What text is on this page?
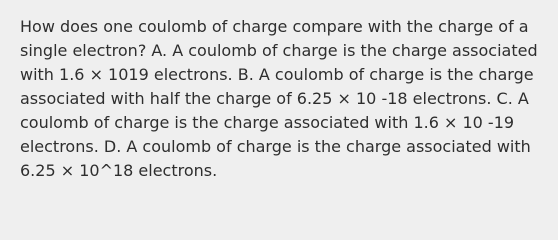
How does one coulomb of charge compare with the charge of a single electron? A. A coulomb of charge is the charge associated with 1.6 × 1019 electrons. B. A coulomb of charge is the charge associated with half the charge of 6.25 × 10 -18 electrons. C. A coulomb of charge is the charge associated with 1.6 × 10 -19 electrons. D. A coulomb of charge is the charge associated with 6.25 × 10^18 electrons.
